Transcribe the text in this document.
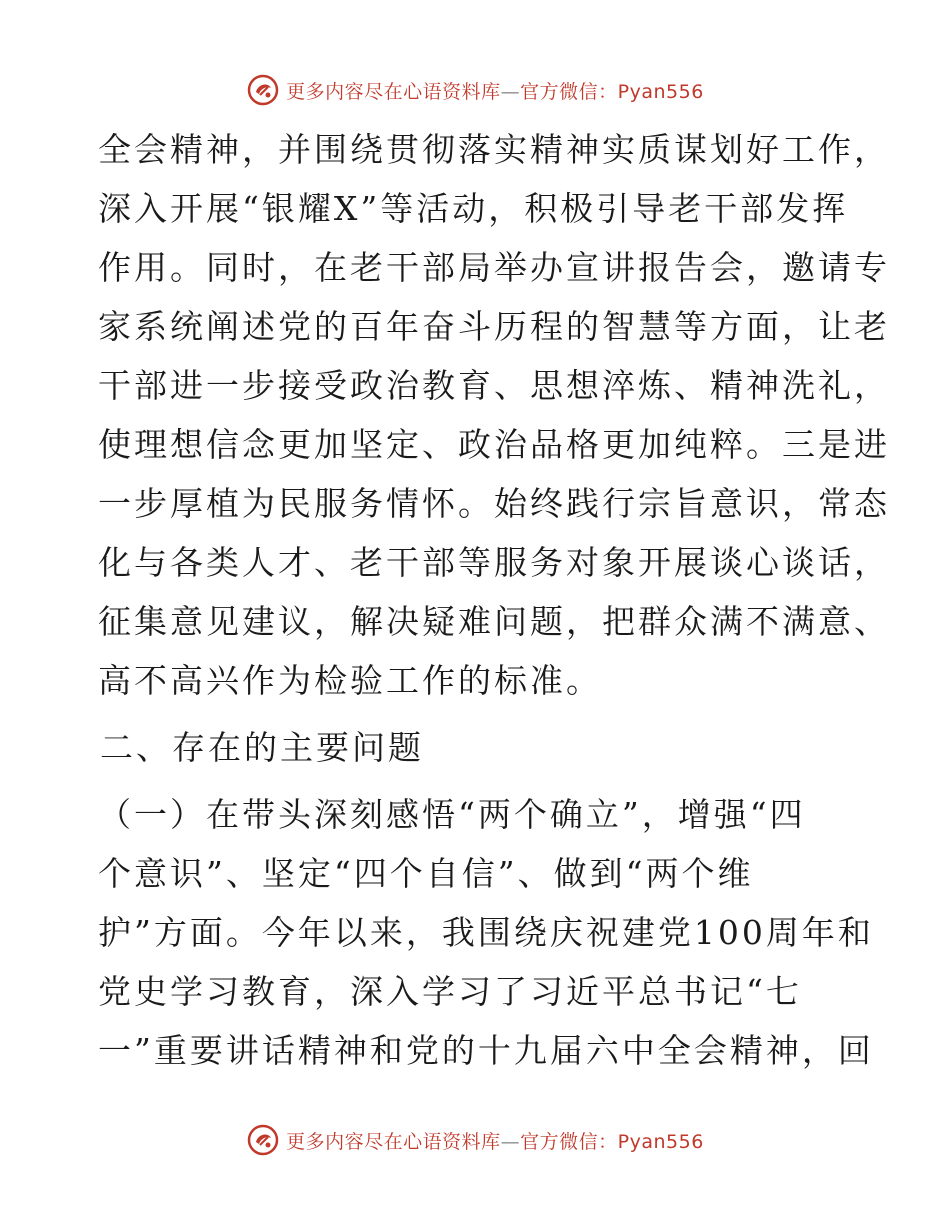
更多内容尽在心语资料库—官方微信：Pyan556
全会精神，并围绕贯彻落实精神实质谋划好工作，
深入开展“银耀X”等活动，积极引导老干部发挥
作用。同时，在老干部局举办宣讲报告会，邀请专
家系统阐述党的百年奋斗历程的智慧等方面，让老
干部进一步接受政治教育、思想淬炼、精神洗礼，
使理想信念更加坚定、政治品格更加纯粹。三是进
一步厚植为民服务情怀。始终践行宗旨意识，常态
化与各类人才、老干部等服务对象开展谈心谈话，
征集意见建议，解决疑难问题，把群众满不满意、
高不高兴作为检验工作的标准。
二、存在的主要问题
（一）在带头深刻感悟“两个确立”，增强“四
个意识”、坚定“四个自信”、做到“两个维
护”方面。今年以来，我围绕庆祝建党100周年和
党史学习教育，深入学习了习近平总书记“七
一”重要讲话精神和党的十九届六中全会精神，回
更多内容尽在心语资料库—官方微信：Pyan556
